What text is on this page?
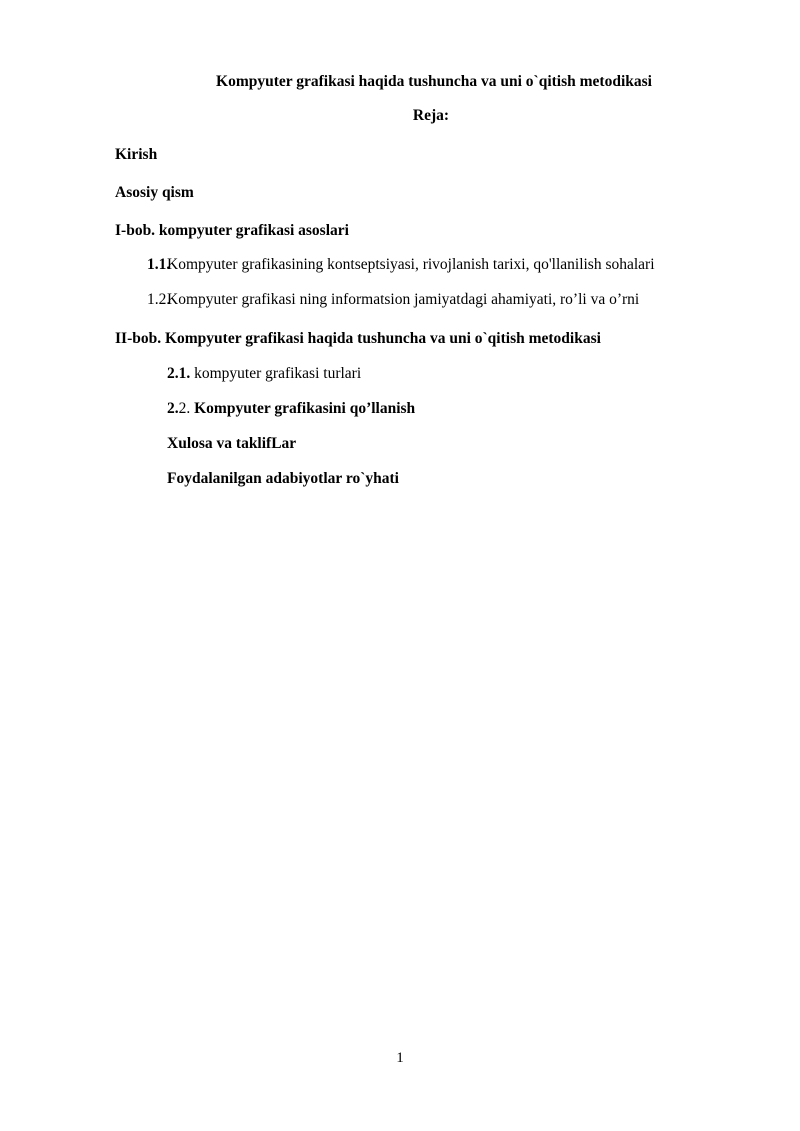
Kompyuter grafikasi haqida tushuncha va uni o`qitish metodikasi
Reja:
Kirish
Asosiy qism
I-bob. kompyuter grafikasi asoslari
1.1.
Kompyuter grafikasining kontseptsiyasi, rivojlanish tarixi, qo'llanilish sohalari
1.2.
Kompyuter grafikasi ning informatsion jamiyatdagi ahamiyati, ro’li va o’rni
II-bob. Kompyuter grafikasi haqida tushuncha va uni o`qitish metodikasi
2.1. kompyuter grafikasi turlari
2.2. Kompyuter grafikasini qo’llanish
Xulosa va taklifLar
Foydalanilgan adabiyotlar ro`yhati
1
